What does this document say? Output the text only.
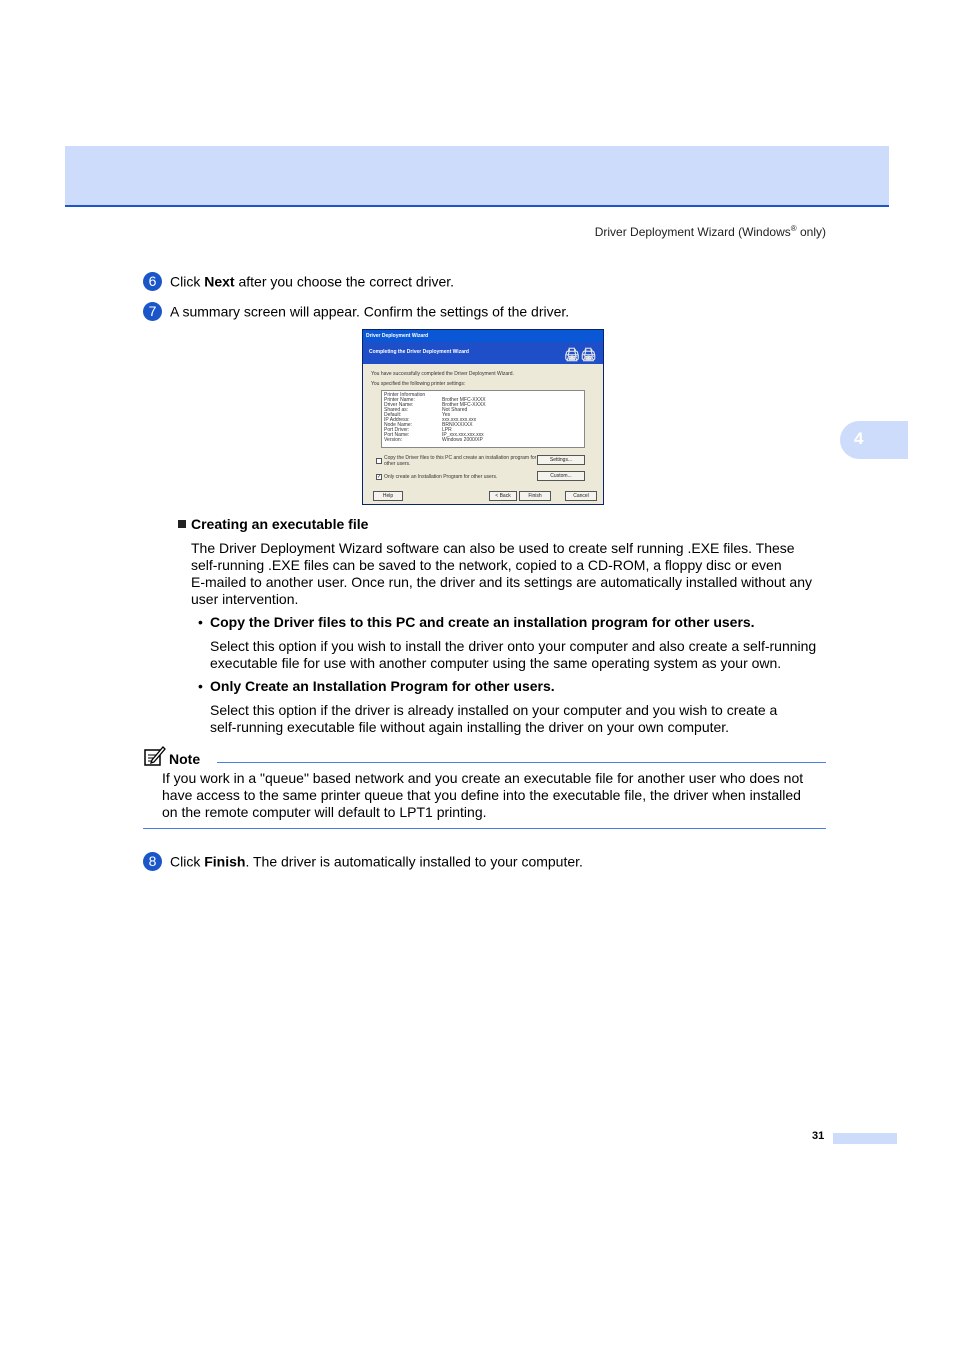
Driver Deployment Wizard (Windows® only)
4
6 Click Next after you choose the correct driver.
7 A summary screen will appear. Confirm the settings of the driver.
Driver Deployment Wizard
Completing the Driver Deployment Wizard	🖨🖨
You have successfully completed the Driver Deployment Wizard.
You specified the following printer settings:
Printer Information
Printer Name:	Brother MFC-XXXX
Driver Name:	Brother MFC-XXXX
Shared as:	Not Shared
Default:	Yes
IP Address:	xxx.xxx.xxx.xxx
Node Name:	BRNXXXXXX
Port Driver:	LPR
Port Name:	IP_xxx.xxx.xxx.xxx
Version:	Windows 2000/XP
Copy the Driver files to this PC and create an installation program for other users.
Settings...
✓ Only create an Installation Program for other users.	Custom...
Help	< Back	Finish	Cancel
Creating an executable file
The Driver Deployment Wizard software can also be used to create self running .EXE files. These
self-running .EXE files can be saved to the network, copied to a CD-ROM, a floppy disc or even
E-mailed to another user. Once run, the driver and its settings are automatically installed without any
user intervention.
• Copy the Driver files to this PC and create an installation program for other users.
Select this option if you wish to install the driver onto your computer and also create a self-running
executable file for use with another computer using the same operating system as your own.
• Only Create an Installation Program for other users.
Select this option if the driver is already installed on your computer and you wish to create a
self-running executable file without again installing the driver on your own computer.
Note
If you work in a "queue" based network and you create an executable file for another user who does not
have access to the same printer queue that you define into the executable file, the driver when installed
on the remote computer will default to LPT1 printing.
8 Click Finish. The driver is automatically installed to your computer.
31
